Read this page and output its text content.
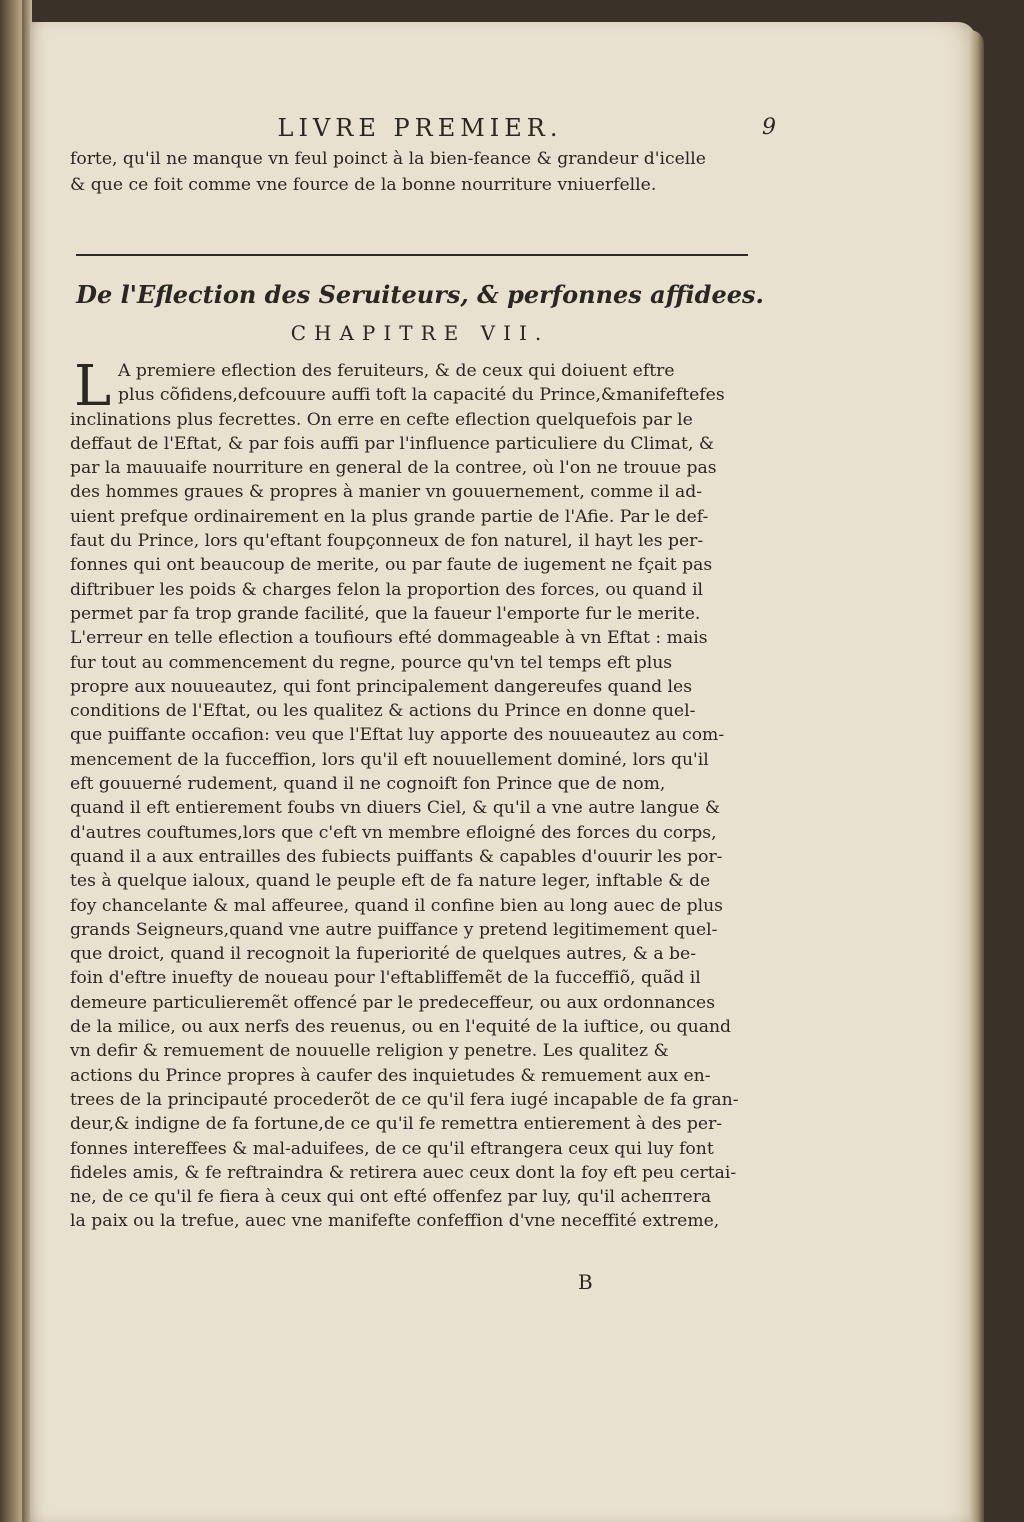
LIVRE PREMIER.	9

forte, qu'il ne manque vn feul poinct à la bien-feance & grandeur d'icelle

& que ce foit comme vne fource de la bonne nourriture vniuerfelle.

De l'Eflection des Seruiteurs, & perfonnes affidees.
CHAPITRE VII.
L A premiere eflection des feruiteurs, & de ceux qui doiuent eftre

plus cõfidens,defcouure auffi toft la capacité du Prince,&manifeftefes

inclinations plus fecrettes. On erre en cefte eflection quelquefois par le

deffaut de l'Eftat, & par fois auffi par l'influence particuliere du Climat, &

par la mauuaife nourriture en general de la contree, où l'on ne trouue pas

des hommes graues & propres à manier vn gouuernement, comme il ad-

uient prefque ordinairement en la plus grande partie de l'Afie. Par le def-

faut du Prince, lors qu'eftant foupçonneux de fon naturel, il hayt les per-

fonnes qui ont beaucoup de merite, ou par faute de iugement ne fçait pas

diftribuer les poids & charges felon la proportion des forces, ou quand il

permet par fa trop grande facilité, que la faueur l'emporte fur le merite.

L'erreur en telle eflection a toufiours efté dommageable à vn Eftat : mais

fur tout au commencement du regne, pource qu'vn tel temps eft plus

propre aux nouueautez, qui font principalement dangereufes quand les

conditions de l'Eftat, ou les qualitez & actions du Prince en donne quel-

que puiffante occafion: veu que l'Eftat luy apporte des nouueautez au com-

mencement de la fucceffion, lors qu'il eft nouuellement dominé, lors qu'il

eft gouuerné rudement, quand il ne cognoift fon Prince que de nom,

quand il eft entierement foubs vn diuers Ciel, & qu'il a vne autre langue &

d'autres couftumes,lors que c'eft vn membre efloigné des forces du corps,

quand il a aux entrailles des fubiects puiffants & capables d'ouurir les por-

tes à quelque ialoux, quand le peuple eft de fa nature leger, inftable & de

foy chancelante & mal affeuree, quand il confine bien au long auec de plus

grands Seigneurs,quand vne autre puiffance y pretend legitimement quel-

que droict, quand il recognoit la fuperiorité de quelques autres, & a be-

foin d'eftre inuefty de noueau pour l'eftabliffemẽt de la fucceffiõ, quãd il

demeure particulieremẽt offencé par le predeceffeur, ou aux ordonnances

de la milice, ou aux nerfs des reuenus, ou en l'equité de la iuftice, ou quand

vn defir & remuement de nouuelle religion y penetre. Les qualitez &

actions du Prince propres à caufer des inquietudes & remuement aux en-

trees de la principauté procederõt de ce qu'il fera iugé incapable de fa gran-

deur,& indigne de fa fortune,de ce qu'il fe remettra entierement à des per-

fonnes intereffees & mal-aduifees, de ce qu'il eftrangera ceux qui luy font

fideles amis, & fe reftraindra & retirera auec ceux dont la foy eft peu certai-

ne, de ce qu'il fe fiera à ceux qui ont efté offenfez par luy, qu'il achептera

la paix ou la trefue, auec vne manifefte confeffion d'vne neceffité extreme,

B
